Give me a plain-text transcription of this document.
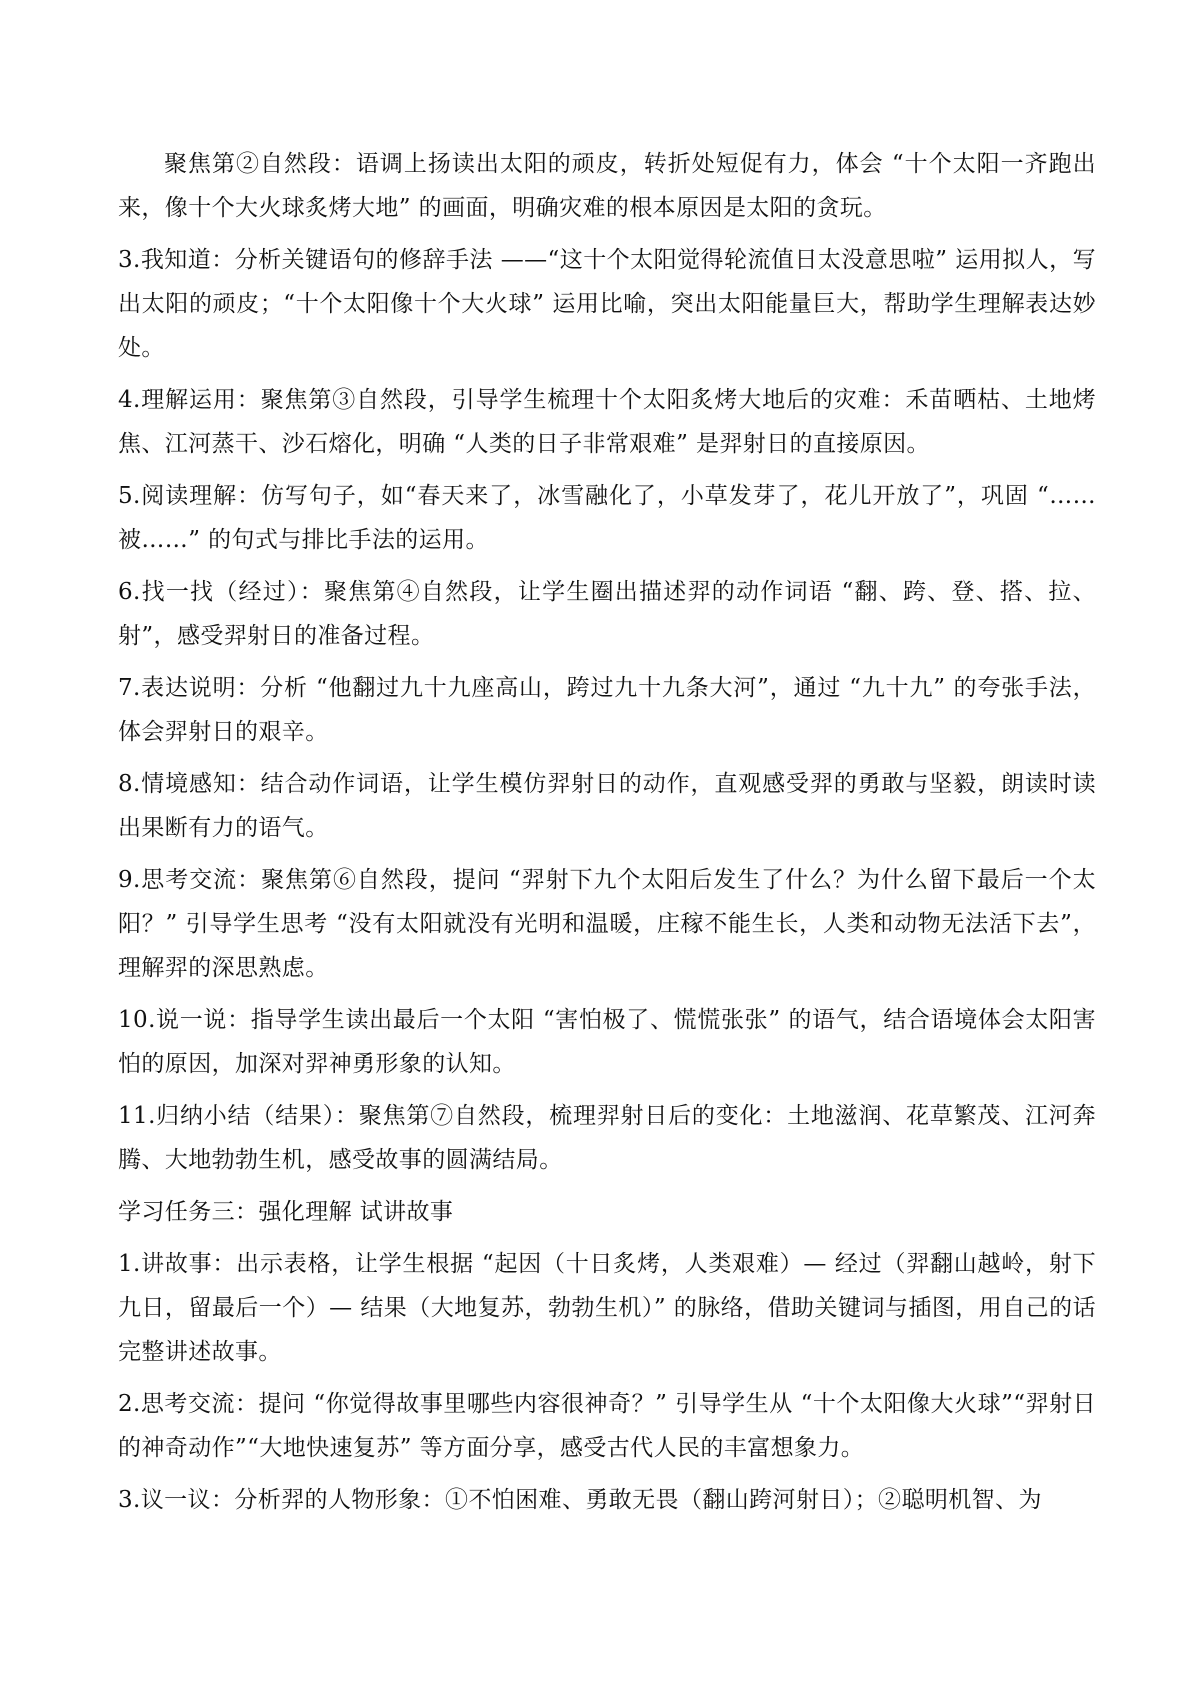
聚焦第②自然段：语调上扬读出太阳的顽皮，转折处短促有力，体会 “十个太阳一齐跑出来，像十个大火球炙烤大地” 的画面，明确灾难的根本原因是太阳的贪玩。

3.我知道：分析关键语句的修辞手法 ——“这十个太阳觉得轮流值日太没意思啦” 运用拟人，写出太阳的顽皮；“十个太阳像十个大火球” 运用比喻，突出太阳能量巨大，帮助学生理解表达妙处。

4.理解运用：聚焦第③自然段，引导学生梳理十个太阳炙烤大地后的灾难：禾苗晒枯、土地烤焦、江河蒸干、沙石熔化，明确 “人类的日子非常艰难” 是羿射日的直接原因。

5.阅读理解：仿写句子，如“春天来了，冰雪融化了，小草发芽了，花儿开放了”，巩固 “……被……” 的句式与排比手法的运用。

6.找一找（经过）：聚焦第④自然段，让学生圈出描述羿的动作词语 “翻、跨、登、搭、拉、射”，感受羿射日的准备过程。

7.表达说明：分析 “他翻过九十九座高山，跨过九十九条大河”，通过 “九十九” 的夸张手法，体会羿射日的艰辛。

8.情境感知：结合动作词语，让学生模仿羿射日的动作，直观感受羿的勇敢与坚毅，朗读时读出果断有力的语气。

9.思考交流：聚焦第⑥自然段，提问 “羿射下九个太阳后发生了什么？为什么留下最后一个太阳？” 引导学生思考 “没有太阳就没有光明和温暖，庄稼不能生长，人类和动物无法活下去”，理解羿的深思熟虑。

10.说一说：指导学生读出最后一个太阳 “害怕极了、慌慌张张” 的语气，结合语境体会太阳害怕的原因，加深对羿神勇形象的认知。

11.归纳小结（结果）：聚焦第⑦自然段，梳理羿射日后的变化：土地滋润、花草繁茂、江河奔腾、大地勃勃生机，感受故事的圆满结局。

学习任务三：强化理解 试讲故事

1.讲故事：出示表格，让学生根据 “起因（十日炙烤，人类艰难）— 经过（羿翻山越岭，射下九日，留最后一个）— 结果（大地复苏，勃勃生机）” 的脉络，借助关键词与插图，用自己的话完整讲述故事。

2.思考交流：提问 “你觉得故事里哪些内容很神奇？” 引导学生从 “十个太阳像大火球”“羿射日的神奇动作”“大地快速复苏” 等方面分享，感受古代人民的丰富想象力。

3.议一议：分析羿的人物形象：①不怕困难、勇敢无畏（翻山跨河射日）；②聪明机智、为
